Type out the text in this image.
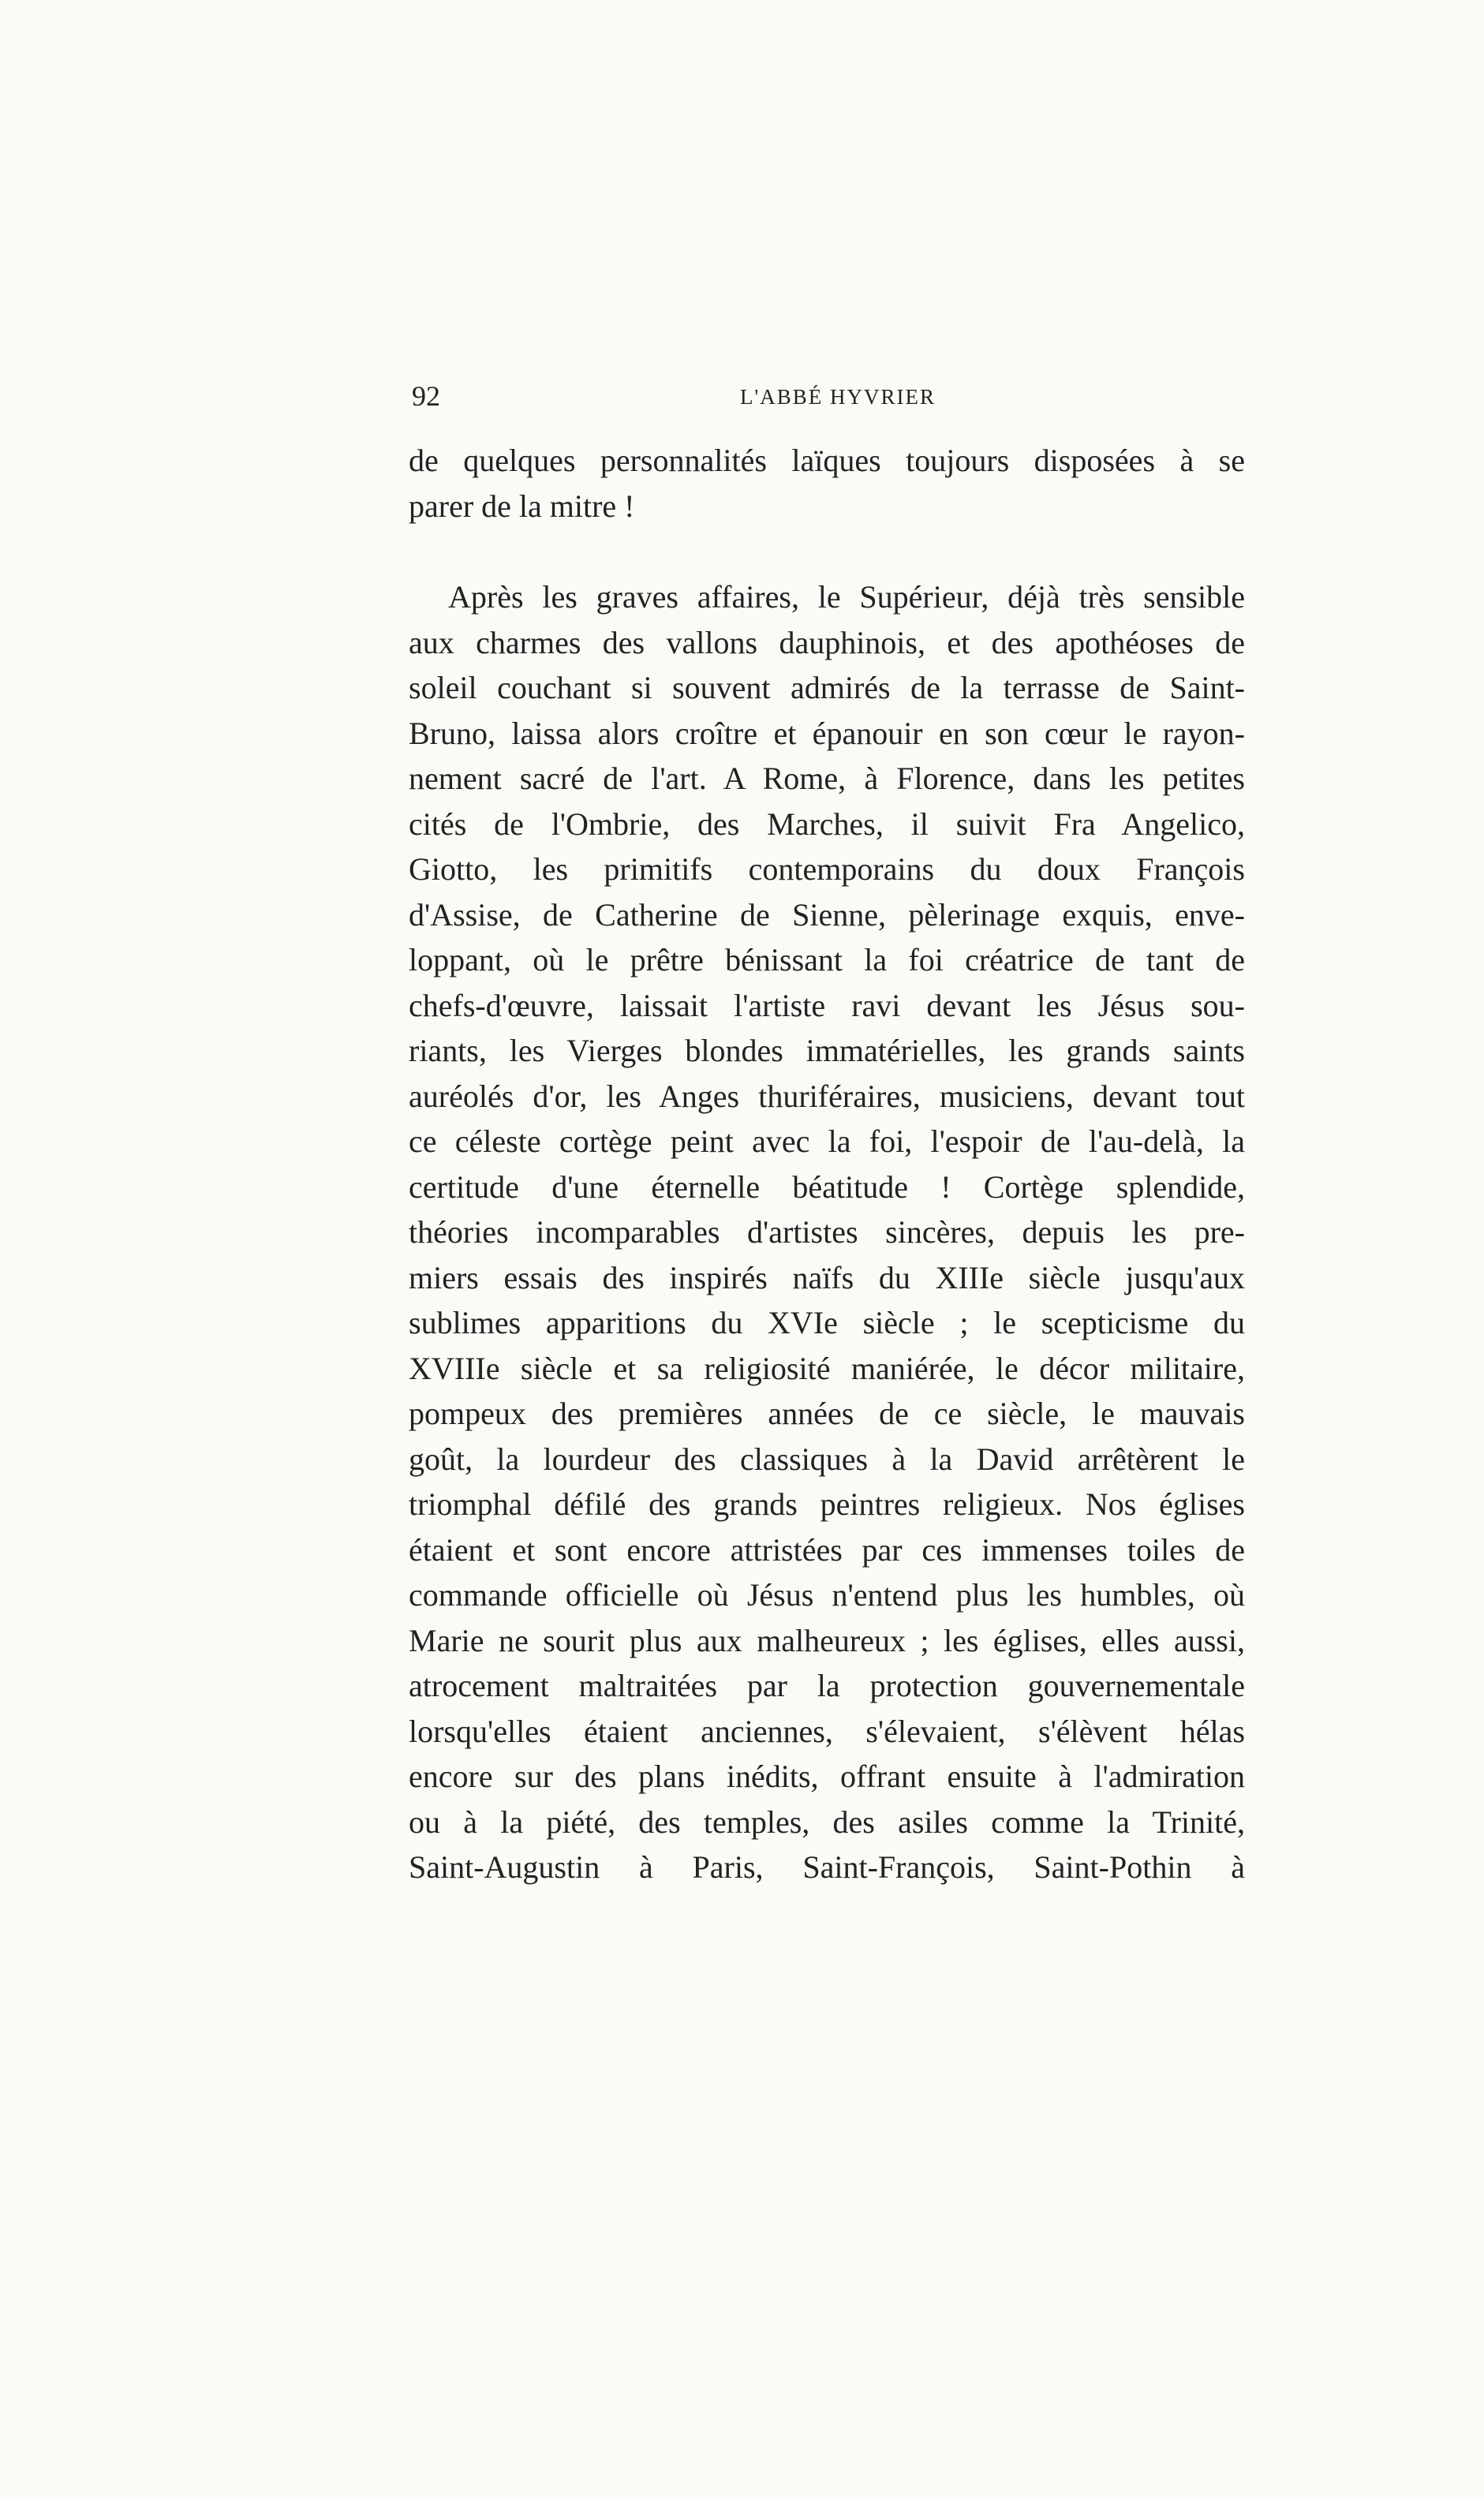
92	L'ABBÉ HYVRIER
de quelques personnalités laïques toujours disposées à se
parer de la mitre !
Après les graves affaires, le Supérieur, déjà très sensible
aux charmes des vallons dauphinois, et des apothéoses de
soleil couchant si souvent admirés de la terrasse de Saint-
Bruno, laissa alors croître et épanouir en son cœur le rayon-
nement sacré de l'art. A Rome, à Florence, dans les petites
cités de l'Ombrie, des Marches, il suivit Fra Angelico,
Giotto, les primitifs contemporains du doux François
d'Assise, de Catherine de Sienne, pèlerinage exquis, enve-
loppant, où le prêtre bénissant la foi créatrice de tant de
chefs-d'œuvre, laissait l'artiste ravi devant les Jésus sou-
riants, les Vierges blondes immatérielles, les grands saints
auréolés d'or, les Anges thuriféraires, musiciens, devant tout
ce céleste cortège peint avec la foi, l'espoir de l'au-delà, la
certitude d'une éternelle béatitude ! Cortège splendide,
théories incomparables d'artistes sincères, depuis les pre-
miers essais des inspirés naïfs du XIIIe siècle jusqu'aux
sublimes apparitions du XVIe siècle ; le scepticisme du
XVIIIe siècle et sa religiosité maniérée, le décor militaire,
pompeux des premières années de ce siècle, le mauvais
goût, la lourdeur des classiques à la David arrêtèrent le
triomphal défilé des grands peintres religieux. Nos églises
étaient et sont encore attristées par ces immenses toiles de
commande officielle où Jésus n'entend plus les humbles, où
Marie ne sourit plus aux malheureux ; les églises, elles aussi,
atrocement maltraitées par la protection gouvernementale
lorsqu'elles étaient anciennes, s'élevaient, s'élèvent hélas
encore sur des plans inédits, offrant ensuite à l'admiration
ou à la piété, des temples, des asiles comme la Trinité,
Saint-Augustin à Paris, Saint-François, Saint-Pothin à
